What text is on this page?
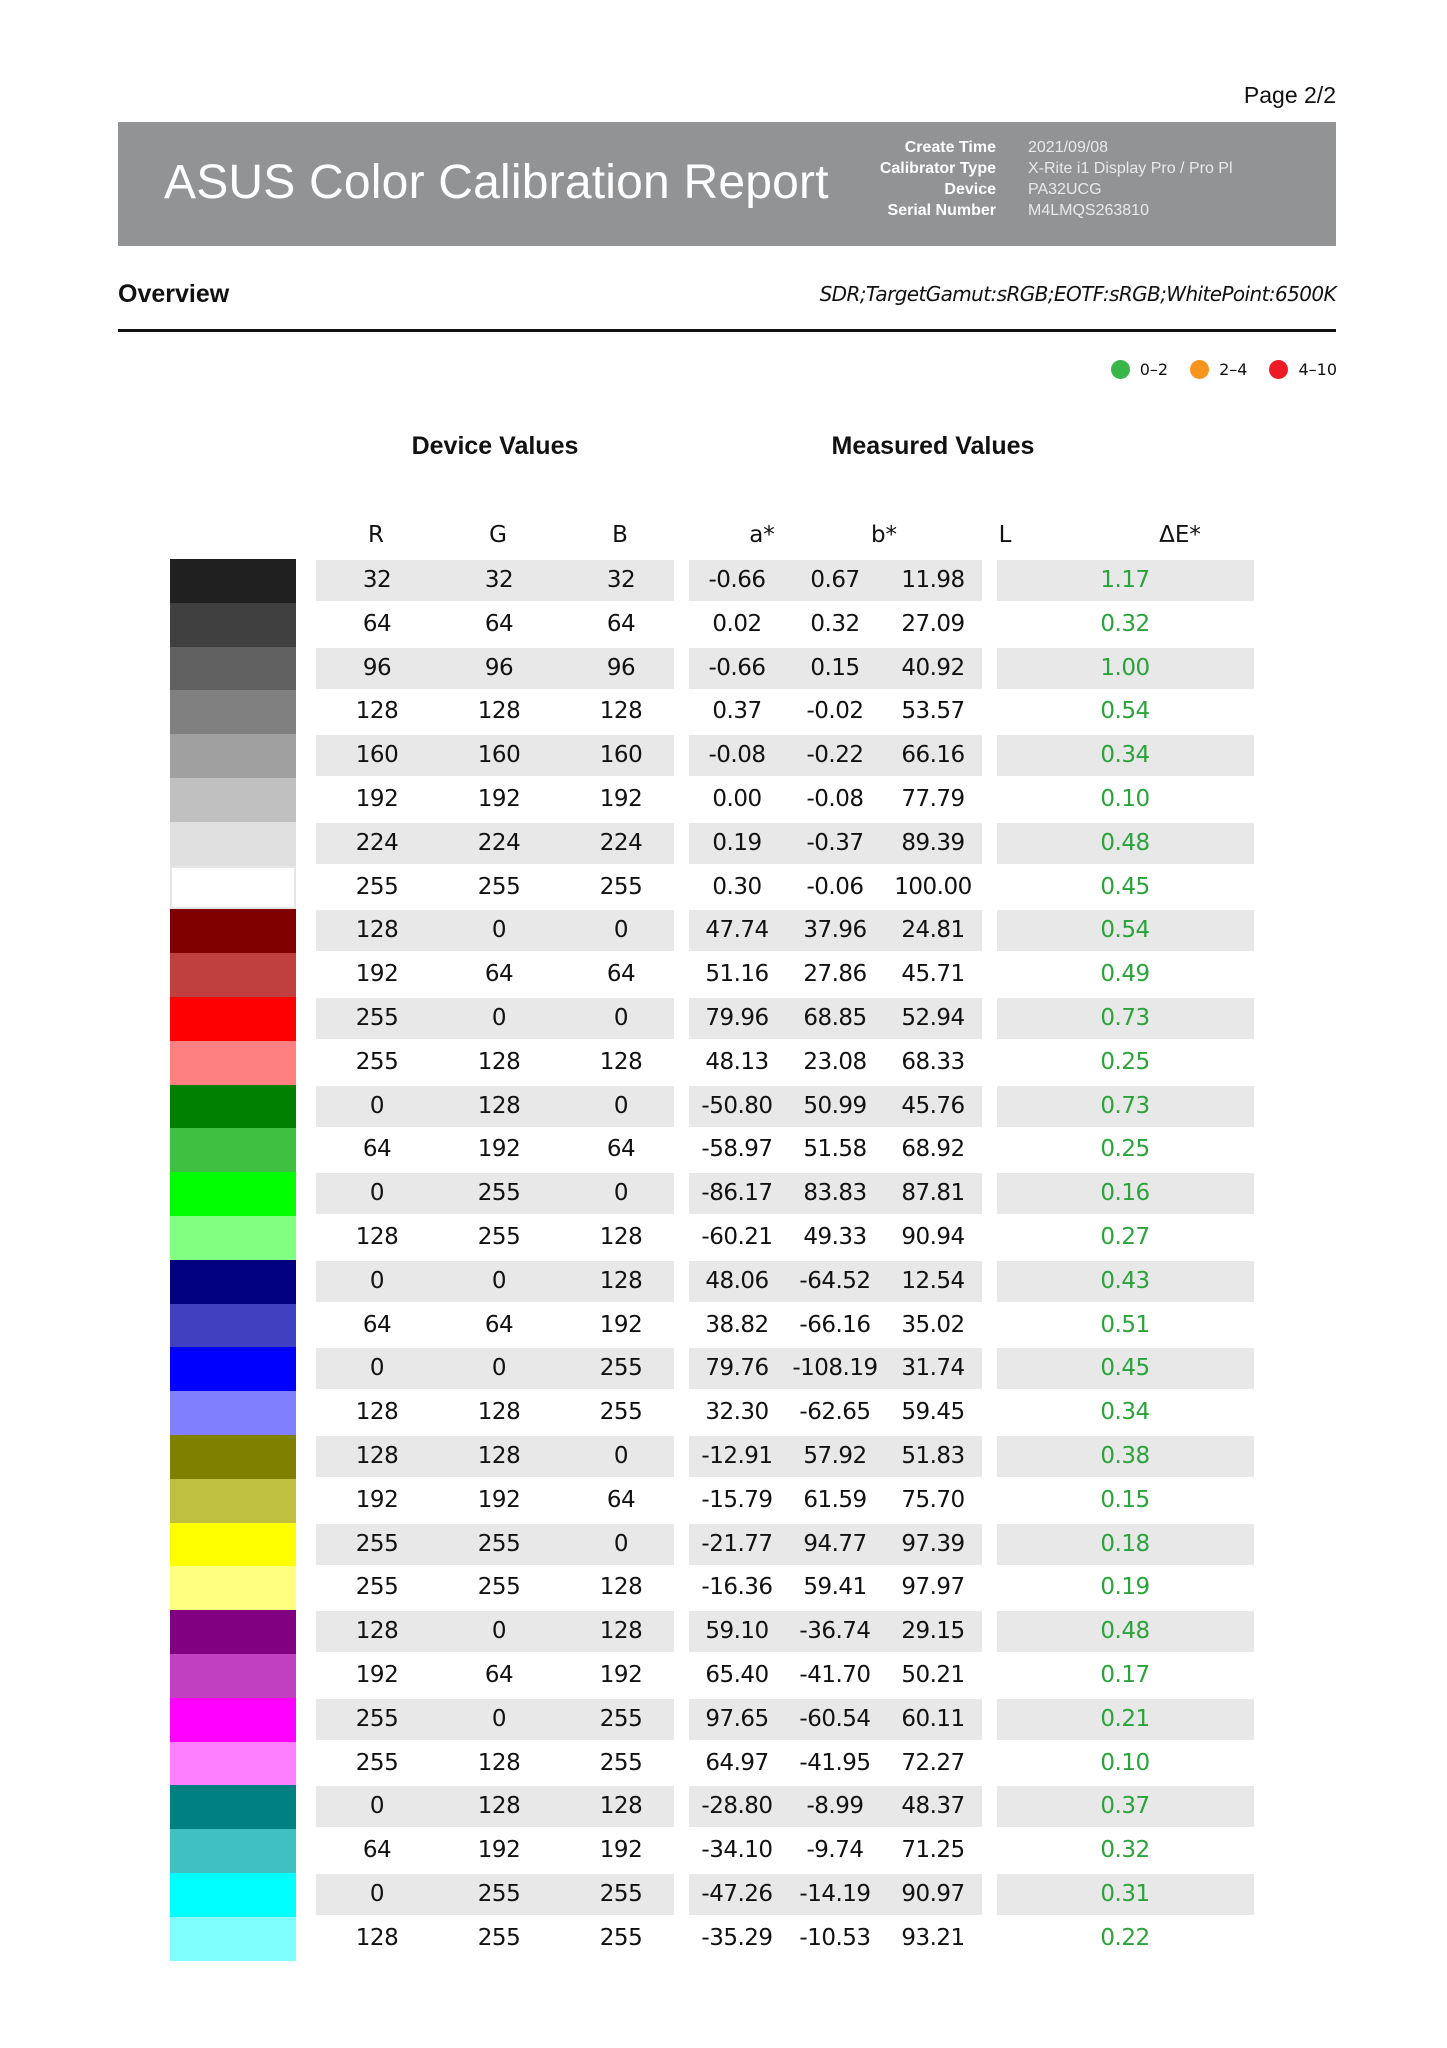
Page 2/2
ASUS Color Calibration Report
Create Time	2021/09/08
Calibrator Type	X-Rite i1 Display Pro / Pro Pl
Device	PA32UCG
Serial Number	M4LMQS263810
Overview	SDR;TargetGamut:sRGB;EOTF:sRGB;WhitePoint:6500K
0–2	2–4	4–10
Device Values	Measured Values
R	G	B	a*	b*	L	ΔE*
32	32	32	-0.66	0.67	11.98	1.17
64	64	64	0.02	0.32	27.09	0.32
96	96	96	-0.66	0.15	40.92	1.00
128	128	128	0.37	-0.02	53.57	0.54
160	160	160	-0.08	-0.22	66.16	0.34
192	192	192	0.00	-0.08	77.79	0.10
224	224	224	0.19	-0.37	89.39	0.48
255	255	255	0.30	-0.06	100.00	0.45
128	0	0	47.74	37.96	24.81	0.54
192	64	64	51.16	27.86	45.71	0.49
255	0	0	79.96	68.85	52.94	0.73
255	128	128	48.13	23.08	68.33	0.25
0	128	0	-50.80	50.99	45.76	0.73
64	192	64	-58.97	51.58	68.92	0.25
0	255	0	-86.17	83.83	87.81	0.16
128	255	128	-60.21	49.33	90.94	0.27
0	0	128	48.06	-64.52	12.54	0.43
64	64	192	38.82	-66.16	35.02	0.51
0	0	255	79.76	-108.19	31.74	0.45
128	128	255	32.30	-62.65	59.45	0.34
128	128	0	-12.91	57.92	51.83	0.38
192	192	64	-15.79	61.59	75.70	0.15
255	255	0	-21.77	94.77	97.39	0.18
255	255	128	-16.36	59.41	97.97	0.19
128	0	128	59.10	-36.74	29.15	0.48
192	64	192	65.40	-41.70	50.21	0.17
255	0	255	97.65	-60.54	60.11	0.21
255	128	255	64.97	-41.95	72.27	0.10
0	128	128	-28.80	-8.99	48.37	0.37
64	192	192	-34.10	-9.74	71.25	0.32
0	255	255	-47.26	-14.19	90.97	0.31
128	255	255	-35.29	-10.53	93.21	0.22
